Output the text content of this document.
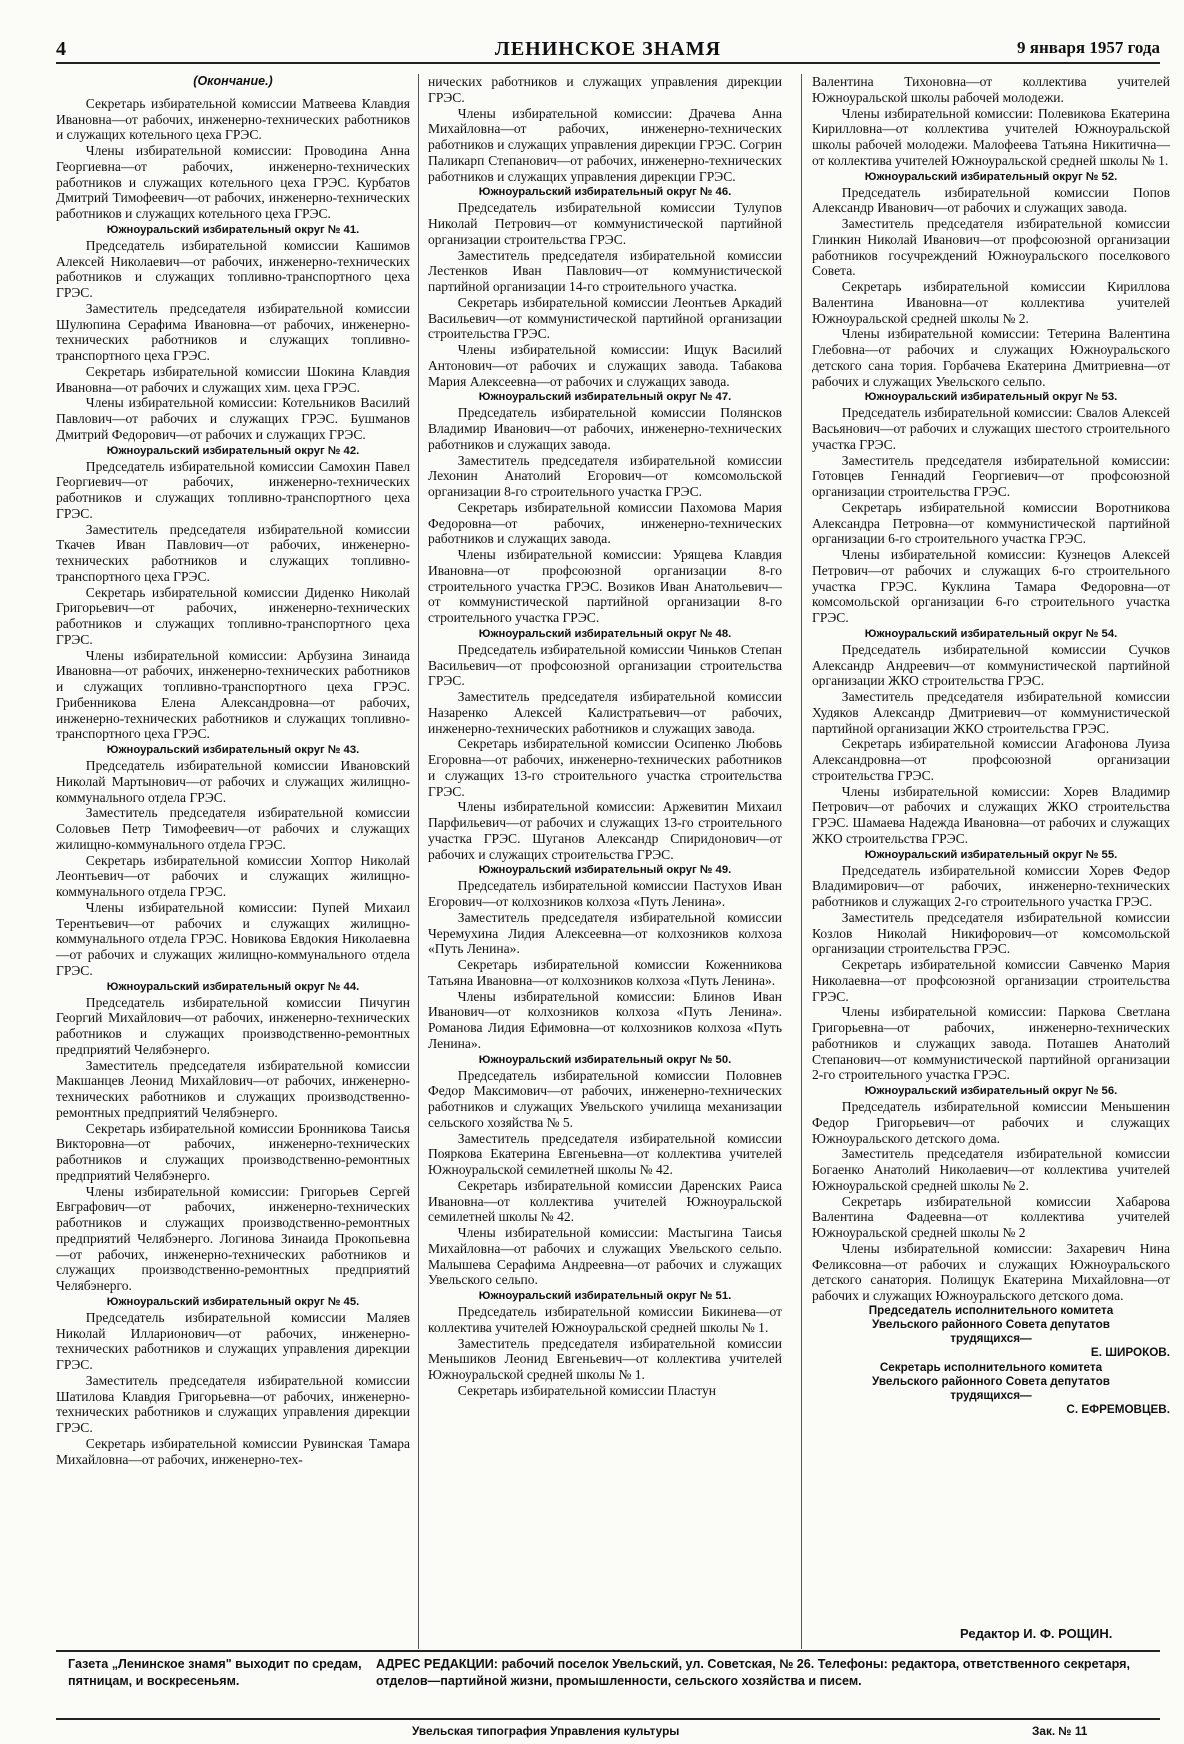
4	ЛЕНИНСКОЕ ЗНАМЯ	9 января 1957 года
(Окончание.)

Секретарь избирательной комиссии Матвеева Клавдия Ивановна—от рабочих, инженерно-технических работников и служащих котельного цеха ГРЭС.

Члены избирательной комиссии: Проводина Анна Георгиевна—от рабочих, инженерно-технических работников и служащих котельного цеха ГРЭС. Курбатов Дмитрий Тимофеевич—от рабочих, инженерно-технических работников и служащих котельного цеха ГРЭС.

Южноуральский избирательный округ № 41.

Председатель избирательной комиссии Кашимов Алексей Николаевич—от рабочих, инженерно-технических работников и служащих топливно-транспортного цеха ГРЭС.

Заместитель председателя избирательной комиссии Шулюпина Серафима Ивановна—от рабочих, инженерно-технических работников и служащих топливно-транспортного цеха ГРЭС.

Секретарь избирательной комиссии Шокина Клавдия Ивановна—от рабочих и служащих хим. цеха ГРЭС.

Члены избирательной комиссии: Котельников Василий Павлович—от рабочих и служащих ГРЭС. Бушманов Дмитрий Федорович—от рабочих и служащих ГРЭС.

Южноуральский избирательный округ № 42.

Председатель избирательной комиссии Самохин Павел Георгиевич—от рабочих, инженерно-технических работников и служащих топливно-транспортного цеха ГРЭС.

Заместитель председателя избирательной комиссии Ткачев Иван Павлович—от рабочих, инженерно-технических работников и служащих топливно-транспортного цеха ГРЭС.

Секретарь избирательной комиссии Диденко Николай Григорьевич—от рабочих, инженерно-технических работников и служащих топливно-транспортного цеха ГРЭС.

Члены избирательной комиссии: Арбузина Зинаида Ивановна—от рабочих, инженерно-технических работников и служащих топливно-транспортного цеха ГРЭС. Грибенникова Елена Александровна—от рабочих, инженерно-технических работников и служащих топливно-транспортного цеха ГРЭС.

Южноуральский избирательный округ № 43.

Председатель избирательной комиссии Ивановский Николай Мартынович—от рабочих и служащих жилищно-коммунального отдела ГРЭС.

Заместитель председателя избирательной комиссии Соловьев Петр Тимофеевич—от рабочих и служащих жилищно-коммунального отдела ГРЭС.

Секретарь избирательной комиссии Хоптор Николай Леонтьевич—от рабочих и служащих жилищно-коммунального отдела ГРЭС.

Члены избирательной комиссии: Пупей Михаил Терентьевич—от рабочих и служащих жилищно-коммунального отдела ГРЭС. Новикова Евдокия Николаевна—от рабочих и служащих жилищно-коммунального отдела ГРЭС.

Южноуральский избирательный округ № 44.

Председатель избирательной комиссии Пичугин Георгий Михайлович—от рабочих, инженерно-технических работников и служащих производственно-ремонтных предприятий Челябэнерго.

Заместитель председателя избирательной комиссии Макшанцев Леонид Михайлович—от рабочих, инженерно-технических работников и служащих производственно-ремонтных предприятий Челябэнерго.

Секретарь избирательной комиссии Бронникова Таисья Викторовна—от рабочих, инженерно-технических работников и служащих производственно-ремонтных предприятий Челябэнерго.

Члены избирательной комиссии: Григорьев Сергей Евграфович—от рабочих, инженерно-технических работников и служащих производственно-ремонтных предприятий Челябэнерго. Логинова Зинаида Прокопьевна—от рабочих, инженерно-технических работников и служащих производственно-ремонтных предприятий Челябэнерго.

Южноуральский избирательный округ № 45.

Председатель избирательной комиссии Маляев Николай Илларионович—от рабочих, инженерно-технических работников и служащих управления дирекции ГРЭС.

Заместитель председателя избирательной комиссии Шатилова Клавдия Григорьевна—от рабочих, инженерно-технических работников и служащих управления дирекции ГРЭС.

Секретарь избирательной комиссии Рувинская Тамара Михайловна—от рабочих, инженерно-тех-

нических работников и служащих управления дирекции ГРЭС.

Члены избирательной комиссии: Драчева Анна Михайловна—от рабочих, инженерно-технических работников и служащих управления дирекции ГРЭС. Согрин Паликарп Степанович—от рабочих, инженерно-технических работников и служащих управления дирекции ГРЭС.

Южноуральский избирательный округ № 46.

Председатель избирательной комиссии Тулупов Николай Петрович—от коммунистической партийной организации строительства ГРЭС.

Заместитель председателя избирательной комиссии Лестенков Иван Павлович—от коммунистической партийной организации 14-го строительного участка.

Секретарь избирательной комиссии Леонтьев Аркадий Васильевич—от коммунистической партийной организации строительства ГРЭС.

Члены избирательной комиссии: Ищук Василий Антонович—от рабочих и служащих завода. Табакова Мария Алексеевна—от рабочих и служащих завода.

Южноуральский избирательный округ № 47.

Председатель избирательной комиссии Полянсков Владимир Иванович—от рабочих, инженерно-технических работников и служащих завода.

Заместитель председателя избирательной комиссии Лехонин Анатолий Егорович—от комсомольской организации 8-го строительного участка ГРЭС.

Секретарь избирательной комиссии Пахомова Мария Федоровна—от рабочих, инженерно-технических работников и служащих завода.

Члены избирательной комиссии: Урящева Клавдия Ивановна—от профсоюзной организации 8-го строительного участка ГРЭС. Возиков Иван Анатольевич—от коммунистической партийной организации 8-го строительного участка ГРЭС.

Южноуральский избирательный округ № 48.

Председатель избирательной комиссии Чиньков Степан Васильевич—от профсоюзной организации строительства ГРЭС.

Заместитель председателя избирательной комиссии Назаренко Алексей Калистратьевич—от рабочих, инженерно-технических работников и служащих завода.

Секретарь избирательной комиссии Осипенко Любовь Егоровна—от рабочих, инженерно-технических работников и служащих 13-го строительного участка строительства ГРЭС.

Члены избирательной комиссии: Аржевитин Михаил Парфильевич—от рабочих и служащих 13-го строительного участка ГРЭС. Шуганов Александр Спиридонович—от рабочих и служащих строительства ГРЭС.

Южноуральский избирательный округ № 49.

Председатель избирательной комиссии Пастухов Иван Егорович—от колхозников колхоза «Путь Ленина».

Заместитель председателя избирательной комиссии Черемухина Лидия Алексеевна—от колхозников колхоза «Путь Ленина».

Секретарь избирательной комиссии Коженникова Татьяна Ивановна—от колхозников колхоза «Путь Ленина».

Члены избирательной комиссии: Блинов Иван Иванович—от колхозников колхоза «Путь Ленина». Романова Лидия Ефимовна—от колхозников колхоза «Путь Ленина».

Южноуральский избирательный округ № 50.

Председатель избирательной комиссии Половнев Федор Максимович—от рабочих, инженерно-технических работников и служащих Увельского училища механизации сельского хозяйства № 5.

Заместитель председателя избирательной комиссии Пояркова Екатерина Евгеньевна—от коллектива учителей Южноуральской семилетней школы № 42.

Секретарь избирательной комиссии Даренских Раиса Ивановна—от коллектива учителей Южноуральской семилетней школы № 42.

Члены избирательной комиссии: Мастыгина Таисья Михайловна—от рабочих и служащих Увельского сельпо. Малышева Серафима Андреевна—от рабочих и служащих Увельского сельпо.

Южноуральский избирательный округ № 51.

Председатель избирательной комиссии Бикинева—от коллектива учителей Южноуральской средней школы № 1.

Заместитель председателя избирательной комиссии Меньшиков Леонид Евгеньевич—от коллектива учителей Южноуральской средней школы № 1.

Секретарь избирательной комиссии Пластун

Валентина Тихоновна—от коллектива учителей Южноуральской школы рабочей молодежи.

Члены избирательной комиссии: Полевикова Екатерина Кирилловна—от коллектива учителей Южноуральской школы рабочей молодежи. Малофеева Татьяна Никитична—от коллектива учителей Южноуральской средней школы № 1.

Южноуральский избирательный округ № 52.

Председатель избирательной комиссии Попов Александр Иванович—от рабочих и служащих завода.

Заместитель председателя избирательной комиссии Глинкин Николай Иванович—от профсоюзной организации работников госучреждений Южноуральского поселкового Совета.

Секретарь избирательной комиссии Кириллова Валентина Ивановна—от коллектива учителей Южноуральской средней школы № 2.

Члены избирательной комиссии: Тетерина Валентина Глебовна—от рабочих и служащих Южноуральского детского сана тория. Горбачева Екатерина Дмитриевна—от рабочих и служащих Увельского сельпо.

Южноуральский избирательный округ № 53.

Председатель избирательной комиссии: Свалов Алексей Васьянович—от рабочих и служащих шестого строительного участка ГРЭС.

Заместитель председателя избирательной комиссии: Готовцев Геннадий Георгиевич—от профсоюзной организации строительства ГРЭС.

Секретарь избирательной комиссии Воротникова Александра Петровна—от коммунистической партийной организации 6-го строительного участка ГРЭС.

Члены избирательной комиссии: Кузнецов Алексей Петрович—от рабочих и служащих 6-го строительного участка ГРЭС. Куклина Тамара Федоровна—от комсомольской организации 6-го строительного участка ГРЭС.

Южноуральский избирательный округ № 54.

Председатель избирательной комиссии Сучков Александр Андреевич—от коммунистической партийной организации ЖКО строительства ГРЭС.

Заместитель председателя избирательной комиссии Худяков Александр Дмитриевич—от коммунистической партийной организации ЖКО строительства ГРЭС.

Секретарь избирательной комиссии Агафонова Луиза Александровна—от профсоюзной организации строительства ГРЭС.

Члены избирательной комиссии: Хорев Владимир Петрович—от рабочих и служащих ЖКО строительства ГРЭС. Шамаева Надежда Ивановна—от рабочих и служащих ЖКО строительства ГРЭС.

Южноуральский избирательный округ № 55.

Председатель избирательной комиссии Хорев Федор Владимирович—от рабочих, инженерно-технических работников и служащих 2-го строительного участка ГРЭС.

Заместитель председателя избирательной комиссии Козлов Николай Никифорович—от комсомольской организации строительства ГРЭС.

Секретарь избирательной комиссии Савченко Мария Николаевна—от профсоюзной организации строительства ГРЭС.

Члены избирательной комиссии: Паркова Светлана Григорьевна—от рабочих, инженерно-технических работников и служащих завода. Поташев Анатолий Степанович—от коммунистической партийной организации 2-го строительного участка ГРЭС.

Южноуральский избирательный округ № 56.

Председатель избирательной комиссии Меньшенин Федор Григорьевич—от рабочих и служащих Южноуральского детского дома.

Заместитель председателя избирательной комиссии Богаенко Анатолий Николаевич—от коллектива учителей Южноуральской средней школы № 2.

Секретарь избирательной комиссии Хабарова Валентина Фадеевна—от коллектива учителей Южноуральской средней школы № 2

Члены избирательной комиссии: Захаревич Нина Феликсовна—от рабочих и служащих Южноуральского детского санатория. Полищук Екатерина Михайловна—от рабочих и служащих Южноуральского детского дома.

Председатель исполнительного комитета
Увельского районного Совета депутатов
трудящихся—
Е. ШИРОКОВ.
Секретарь исполнительного комитета
Увельского районного Совета депутатов
трудящихся—
С. ЕФРЕМОВЦЕВ.

Редактор И. Ф. РОЩИН.
Газета „Ленинское знамя" выходит по средам, пятницам, и воскресеньям.
АДРЕС РЕДАКЦИИ: рабочий поселок Увельский, ул. Советская, № 26. Телефоны: редактора, ответственного секретаря, отделов—партийной жизни, промышленности, сельского хозяйства и писем.
Увельская типография Управления культуры	Зак. № 11
